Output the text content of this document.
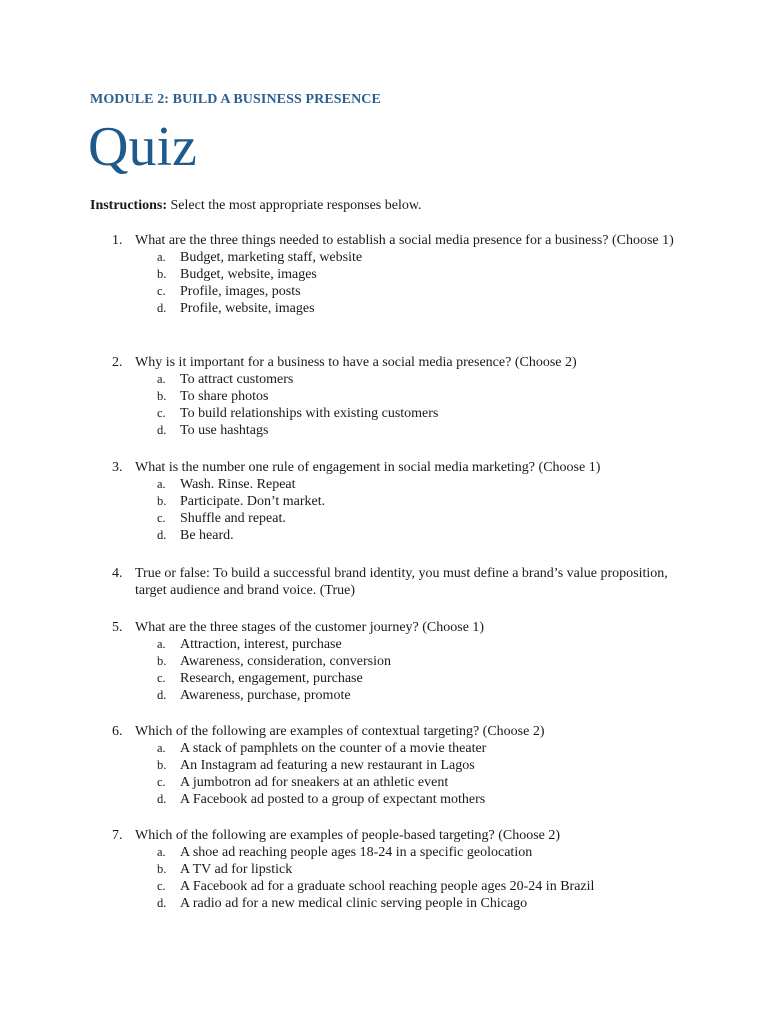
MODULE 2: BUILD A BUSINESS PRESENCE
Quiz
Instructions: Select the most appropriate responses below.
1. What are the three things needed to establish a social media presence for a business? (Choose 1)
a.	Budget, marketing staff, website
b. Budget, website, images
c.	Profile, images, posts
d. Profile, website, images
2. Why is it important for a business to have a social media presence? (Choose 2)
a.	To attract customers
b. To share photos
c.	To build relationships with existing customers
d. To use hashtags
3. What is the number one rule of engagement in social media marketing? (Choose 1)
a.	Wash. Rinse. Repeat
b. Participate. Don’t market.
c.	Shuffle and repeat.
d. Be heard.
4. True or false: To build a successful brand identity, you must define a brand’s value proposition, target audience and brand voice. (True)
5. What are the three stages of the customer journey? (Choose 1)
a.	Attraction, interest, purchase
b. Awareness, consideration, conversion
c.	Research, engagement, purchase
d. Awareness, purchase, promote
6. Which of the following are examples of contextual targeting? (Choose 2)
a.	A stack of pamphlets on the counter of a movie theater
b. An Instagram ad featuring a new restaurant in Lagos
c.	A jumbotron ad for sneakers at an athletic event
d. A Facebook ad posted to a group of expectant mothers
7. Which of the following are examples of people-based targeting? (Choose 2)
a.	A shoe ad reaching people ages 18-24 in a specific geolocation
b. A TV ad for lipstick
c.	A Facebook ad for a graduate school reaching people ages 20-24 in Brazil
d. A radio ad for a new medical clinic serving people in Chicago
